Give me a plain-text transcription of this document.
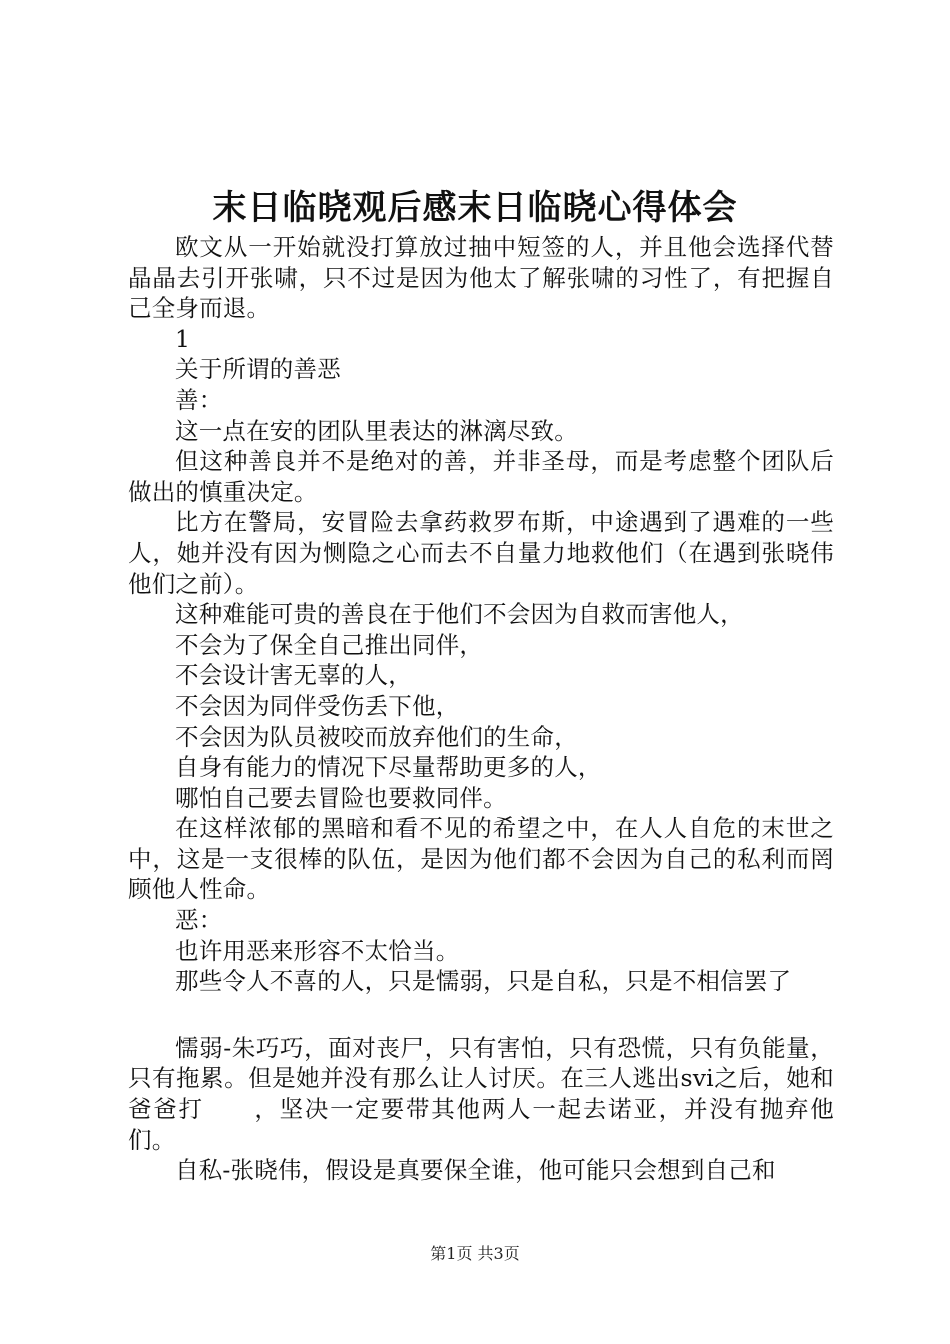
末日临晓观后感末日临晓心得体会

欧文从一开始就没打算放过抽中短签的人，并且他会选择代替晶晶去引开张啸，只不过是因为他太了解张啸的习性了，有把握自己全身而退。

1

关于所谓的善恶

善：

这一点在安的团队里表达的淋漓尽致。

但这种善良并不是绝对的善，并非圣母，而是考虑整个团队后做出的慎重决定。

比方在警局，安冒险去拿药救罗布斯，中途遇到了遇难的一些人，她并没有因为恻隐之心而去不自量力地救他们（在遇到张晓伟他们之前）。

这种难能可贵的善良在于他们不会因为自救而害他人，

不会为了保全自己推出同伴，

不会设计害无辜的人，

不会因为同伴受伤丢下他，

不会因为队员被咬而放弃他们的生命，

自身有能力的情况下尽量帮助更多的人，

哪怕自己要去冒险也要救同伴。

在这样浓郁的黑暗和看不见的希望之中，在人人自危的末世之中，这是一支很棒的队伍，是因为他们都不会因为自己的私利而罔顾他人性命。

恶：

也许用恶来形容不太恰当。

那些令人不喜的人，只是懦弱，只是自私，只是不相信罢了

懦弱-朱巧巧，面对丧尸，只有害怕，只有恐慌，只有负能量，只有拖累。但是她并没有那么让人讨厌。在三人逃出svi之后，她和爸爸打　　，坚决一定要带其他两人一起去诺亚，并没有抛弃他们。

自私-张晓伟，假设是真要保全谁，他可能只会想到自己和

第1页 共3页
